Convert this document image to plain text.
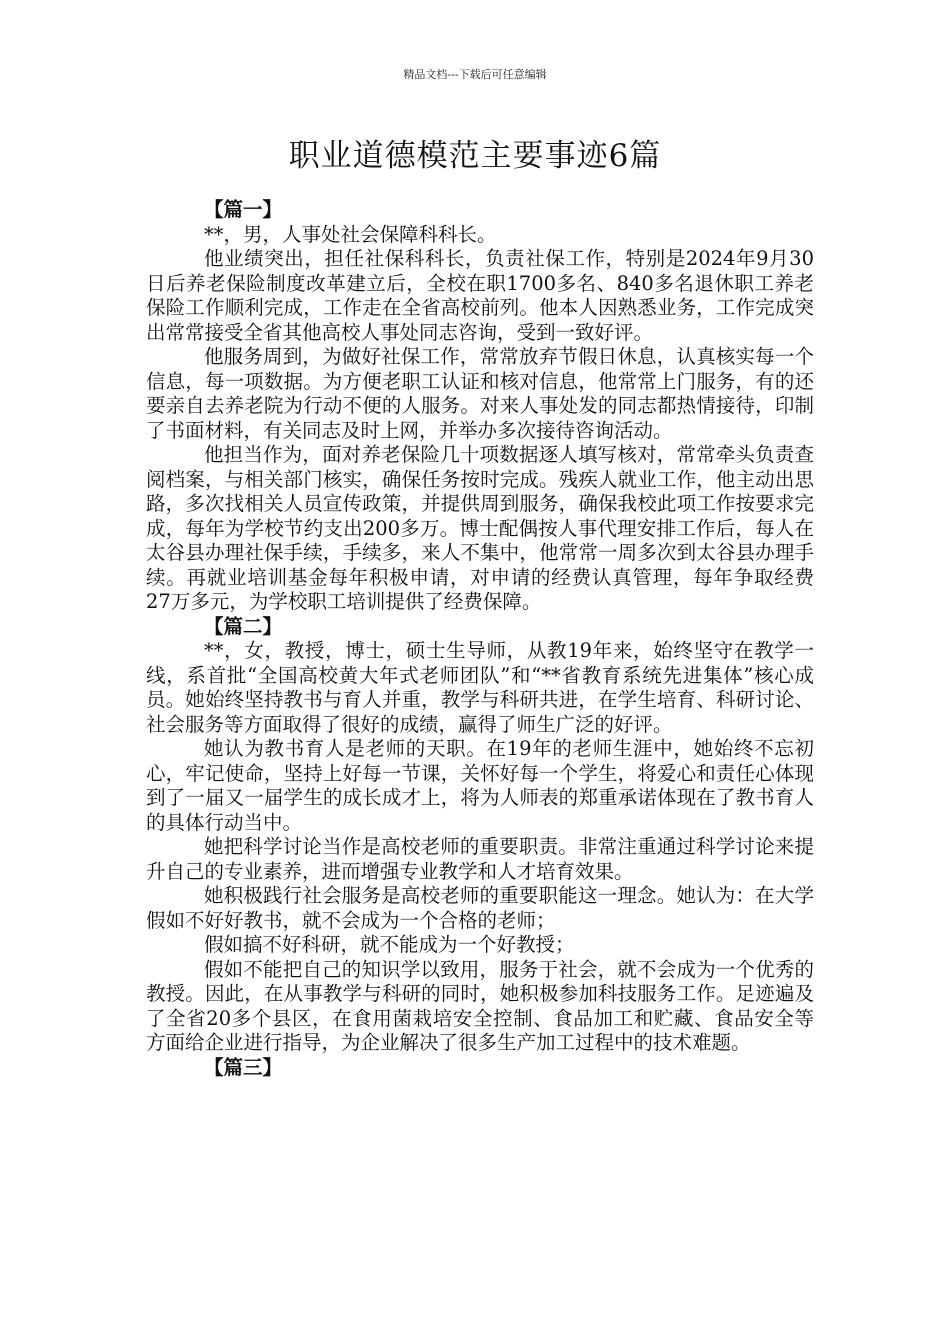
精品文档---下载后可任意编辑
职业道德模范主要事迹6篇

【篇一】

**，男，人事处社会保障科科长。

他业绩突出，担任社保科科长，负责社保工作，特别是2024年9月30日后养老保险制度改革建立后，全校在职1700多名、840多名退休职工养老保险工作顺利完成，工作走在全省高校前列。他本人因熟悉业务，工作完成突出常常接受全省其他高校人事处同志咨询，受到一致好评。

他服务周到，为做好社保工作，常常放弃节假日休息，认真核实每一个信息，每一项数据。为方便老职工认证和核对信息，他常常上门服务，有的还要亲自去养老院为行动不便的人服务。对来人事处发的同志都热情接待，印制了书面材料，有关同志及时上网，并举办多次接待咨询活动。

他担当作为，面对养老保险几十项数据逐人填写核对，常常牵头负责查阅档案，与相关部门核实，确保任务按时完成。残疾人就业工作，他主动出思路，多次找相关人员宣传政策，并提供周到服务，确保我校此项工作按要求完成，每年为学校节约支出200多万。博士配偶按人事代理安排工作后，每人在太谷县办理社保手续，手续多，来人不集中，他常常一周多次到太谷县办理手续。再就业培训基金每年积极申请，对申请的经费认真管理，每年争取经费27万多元，为学校职工培训提供了经费保障。

【篇二】

**，女，教授，博士，硕士生导师，从教19年来，始终坚守在教学一线，系首批“全国高校黄大年式老师团队”和“**省教育系统先进集体”核心成员。她始终坚持教书与育人并重，教学与科研共进，在学生培育、科研讨论、社会服务等方面取得了很好的成绩，赢得了师生广泛的好评。

她认为教书育人是老师的天职。在19年的老师生涯中，她始终不忘初心，牢记使命，坚持上好每一节课，关怀好每一个学生，将爱心和责任心体现到了一届又一届学生的成长成才上，将为人师表的郑重承诺体现在了教书育人的具体行动当中。

她把科学讨论当作是高校老师的重要职责。非常注重通过科学讨论来提升自己的专业素养，进而增强专业教学和人才培育效果。

她积极践行社会服务是高校老师的重要职能这一理念。她认为：在大学假如不好好教书，就不会成为一个合格的老师；

假如搞不好科研，就不能成为一个好教授；

假如不能把自己的知识学以致用，服务于社会，就不会成为一个优秀的教授。因此，在从事教学与科研的同时，她积极参加科技服务工作。足迹遍及了全省20多个县区，在食用菌栽培安全控制、食品加工和贮藏、食品安全等方面给企业进行指导，为企业解决了很多生产加工过程中的技术难题。

【篇三】
